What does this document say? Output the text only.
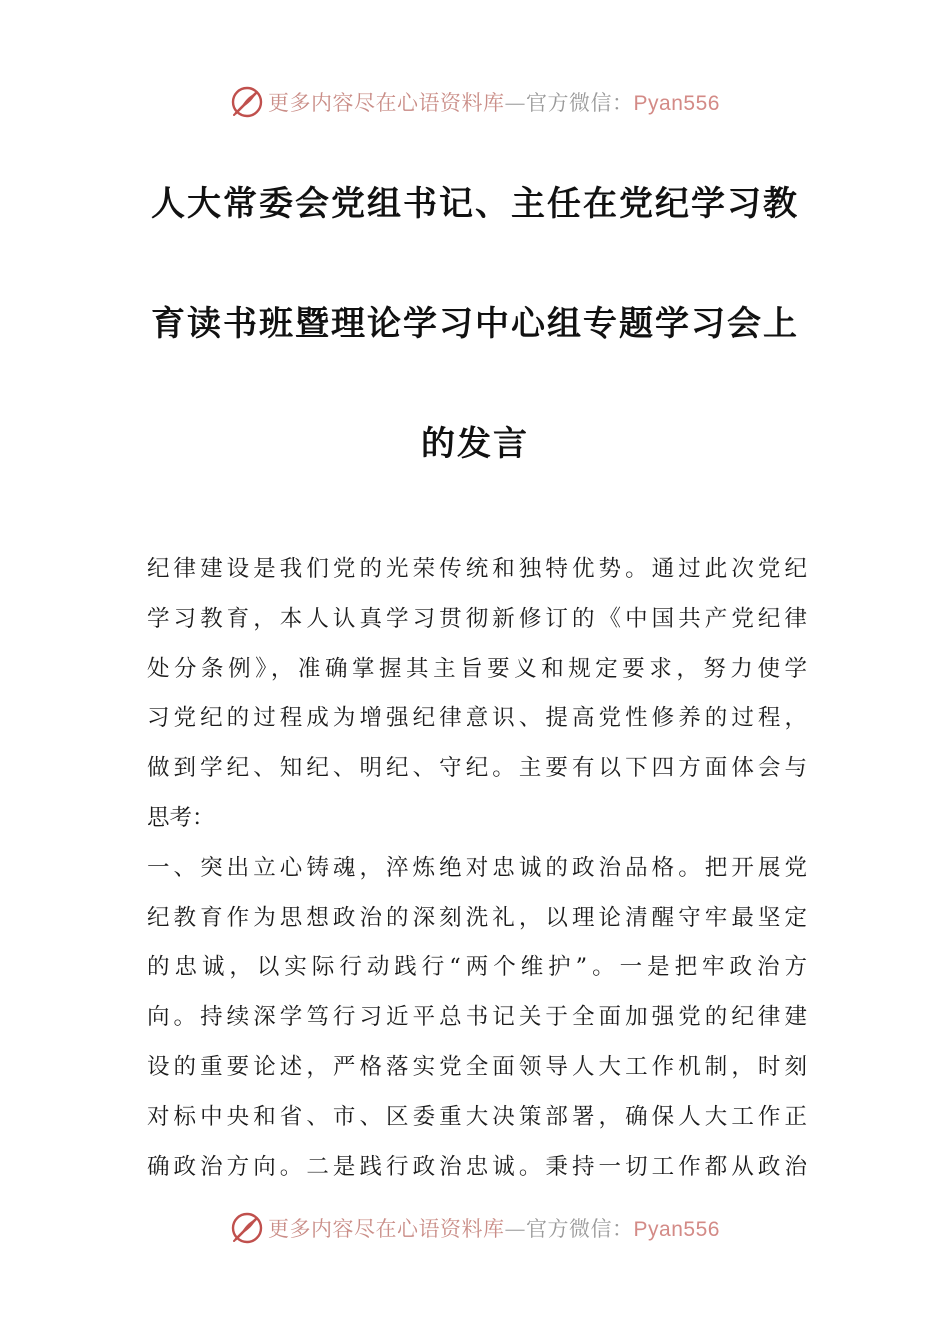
更多内容尽在心语资料库—官方微信：Pyan556
人大常委会党组书记、主任在党纪学习教
育读书班暨理论学习中心组专题学习会上
的发言
纪律建设是我们党的光荣传统和独特优势。通过此次党纪
学习教育，本人认真学习贯彻新修订的《中国共产党纪律
处分条例》，准确掌握其主旨要义和规定要求，努力使学
习党纪的过程成为增强纪律意识、提高党性修养的过程，
做到学纪、知纪、明纪、守纪。主要有以下四方面体会与
思考：
一、突出立心铸魂，淬炼绝对忠诚的政治品格。把开展党
纪教育作为思想政治的深刻洗礼，以理论清醒守牢最坚定
的忠诚，以实际行动践行“两个维护”。一是把牢政治方
向。持续深学笃行习近平总书记关于全面加强党的纪律建
设的重要论述，严格落实党全面领导人大工作机制，时刻
对标中央和省、市、区委重大决策部署，确保人大工作正
确政治方向。二是践行政治忠诚。秉持一切工作都从政治
更多内容尽在心语资料库—官方微信：Pyan556
